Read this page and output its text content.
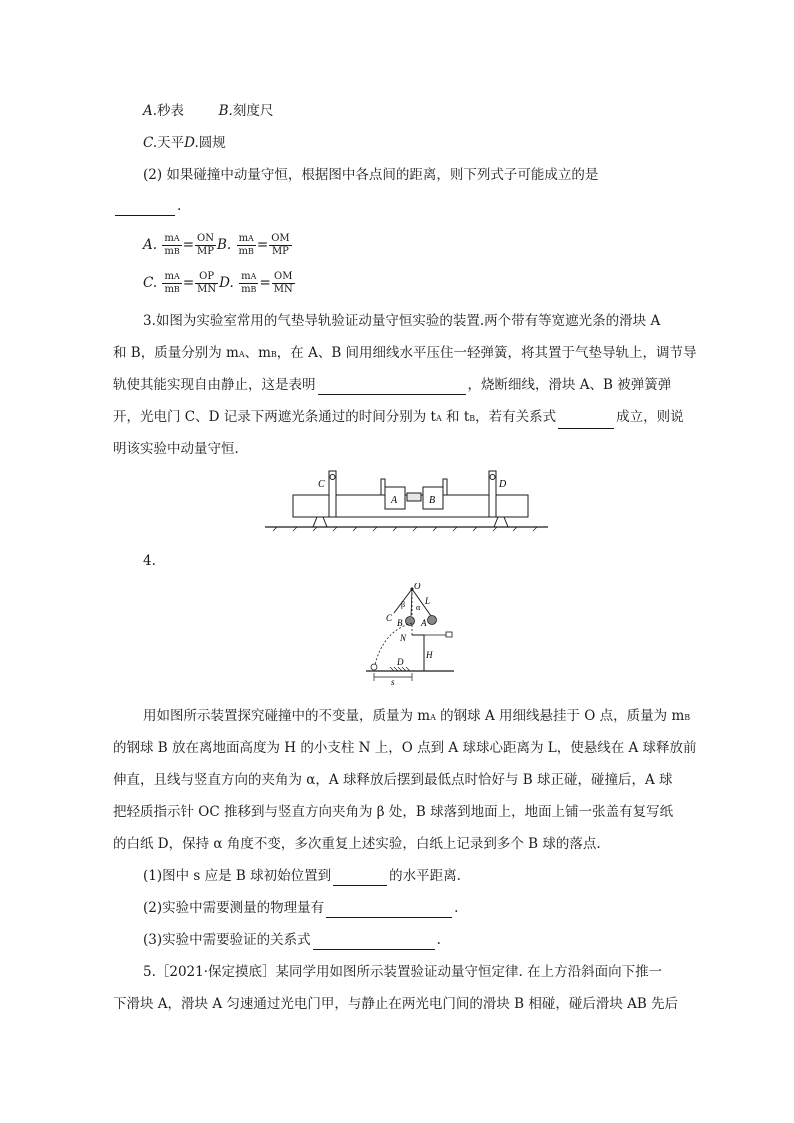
A.秒表	B.刻度尺
C.天平D.圆规
(2) 如果碰撞中动量守恒，根据图中各点间的距离，则下列式子可能成立的是
.
A. $\frac{mA}{mB} = \frac{ON}{MP} B$. $\frac{mA}{mB} = \frac{OM}{MP}$
C. $\frac{mA}{mB} = \frac{OP}{MN} D$. $\frac{mA}{mB} = \frac{OM}{MN}$
3.如图为实验室常用的气垫导轨验证动量守恒实验的装置.两个带有等宽遮光条的滑块 A
和 B，质量分别为 mA、mB，在 A、B 间用细线水平压住一轻弹簧，将其置于气垫导轨上，调节导
轨使其能实现自由静止，这是表明	，烧断细线，滑块 A、B 被弹簧弹
开，光电门 C、D 记录下两遮光条通过的时间分别为 tA 和 tB，若有关系式	成立，则说
明该实验中动量守恒.
C	D
A	B
4.
O
β α
L
C B A
N
H
D
s
用如图所示装置探究碰撞中的不变量，质量为 mA 的钢球 A 用细线悬挂于 O 点，质量为 mB
的钢球 B 放在离地面高度为 H 的小支柱 N 上，O 点到 A 球球心距离为 L，使悬线在 A 球释放前
伸直，且线与竖直方向的夹角为 α，A 球释放后摆到最低点时恰好与 B 球正碰，碰撞后，A 球
把轻质指示针 OC 推移到与竖直方向夹角为 β 处，B 球落到地面上，地面上铺一张盖有复写纸
的白纸 D，保持 α 角度不变，多次重复上述实验，白纸上记录到多个 B 球的落点.
(1)图中 s 应是 B 球初始位置到	的水平距离.
(2)实验中需要测量的物理量有	.
(3)实验中需要验证的关系式	.
5.［2021·保定摸底］某同学用如图所示装置验证动量守恒定律. 在上方沿斜面向下推一
下滑块 A，滑块 A 匀速通过光电门甲，与静止在两光电门间的滑块 B 相碰，碰后滑块 AB 先后
